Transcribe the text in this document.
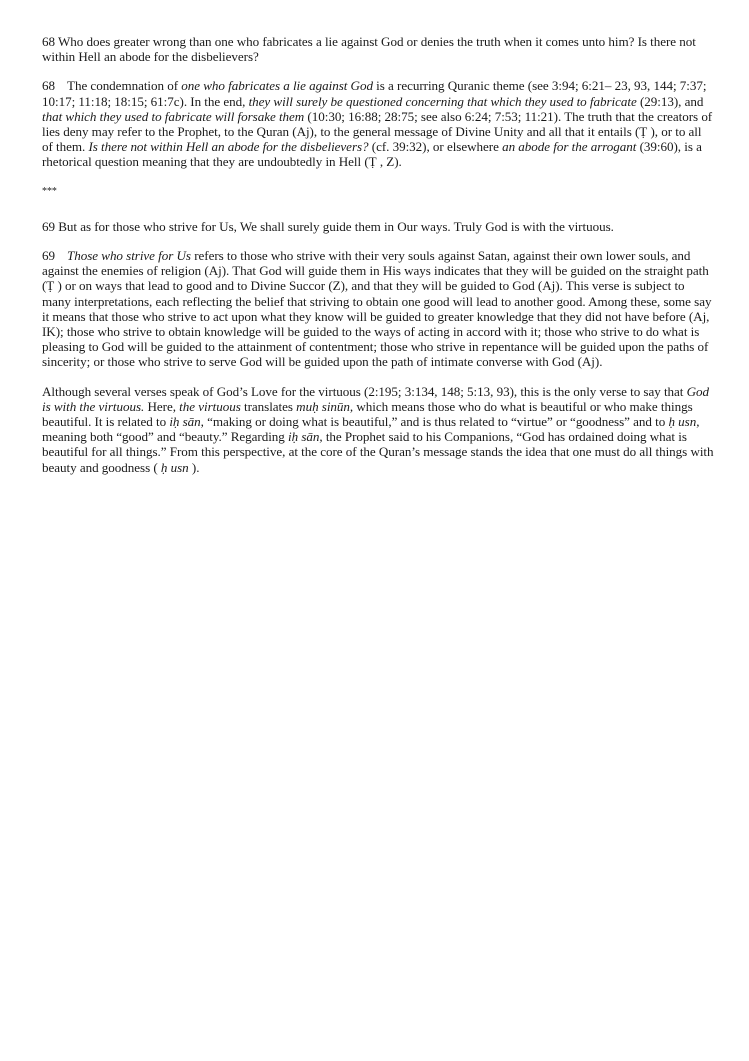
68 Who does greater wrong than one who fabricates a lie against God or denies the truth when it comes unto him? Is there not within Hell an abode for the disbelievers?

68 The condemnation of one who fabricates a lie against God is a recurring Quranic theme (see 3:94; 6:21– 23, 93, 144; 7:37; 10:17; 11:18; 18:15; 61:7c). In the end, they will surely be questioned concerning that which they used to fabricate (29:13), and that which they used to fabricate will forsake them (10:30; 16:88; 28:75; see also 6:24; 7:53; 11:21). The truth that the creators of lies deny may refer to the Prophet, to the Quran (Aj), to the general message of Divine Unity and all that it entails (Ṭ ), or to all of them. Is there not within Hell an abode for the disbelievers? (cf. 39:32), or elsewhere an abode for the arrogant (39:60), is a rhetorical question meaning that they are undoubtedly in Hell (Ṭ , Z).

***

69 But as for those who strive for Us, We shall surely guide them in Our ways. Truly God is with the virtuous.

69 Those who strive for Us refers to those who strive with their very souls against Satan, against their own lower souls, and against the enemies of religion (Aj). That God will guide them in His ways indicates that they will be guided on the straight path (Ṭ ) or on ways that lead to good and to Divine Succor (Z), and that they will be guided to God (Aj). This verse is subject to many interpretations, each reflecting the belief that striving to obtain one good will lead to another good. Among these, some say it means that those who strive to act upon what they know will be guided to greater knowledge that they did not have before (Aj, IK); those who strive to obtain knowledge will be guided to the ways of acting in accord with it; those who strive to do what is pleasing to God will be guided to the attainment of contentment; those who strive in repentance will be guided upon the paths of sincerity; or those who strive to serve God will be guided upon the path of intimate converse with God (Aj).

Although several verses speak of God’s Love for the virtuous (2:195; 3:134, 148; 5:13, 93), this is the only verse to say that God is with the virtuous. Here, the virtuous translates muḥ sinūn, which means those who do what is beautiful or who make things beautiful. It is related to iḥ sān, “making or doing what is beautiful,” and is thus related to “virtue” or “goodness” and to ḥ usn, meaning both “good” and “beauty.” Regarding iḥ sān, the Prophet said to his Companions, “God has ordained doing what is beautiful for all things.” From this perspective, at the core of the Quran’s message stands the idea that one must do all things with beauty and goodness ( ḥ usn ).
